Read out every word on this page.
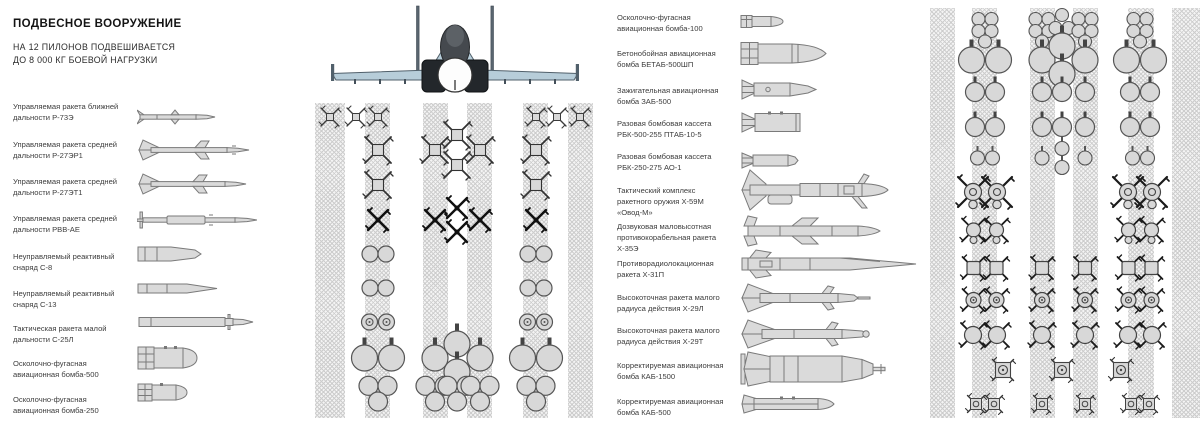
ПОДВЕСНОЕ ВООРУЖЕНИЕ
НА 12 ПИЛОНОВ ПОДВЕШИВАЕТСЯ
ДО 8 000 КГ БОЕВОЙ НАГРУЗКИ
Управляемая ракета ближней дальности Р-73Э
Управляемая ракета средней дальности Р-27ЭР1
Управляемая ракета средней дальности Р-27ЭТ1
Управляемая ракета средней дальности РВВ-АЕ
Неуправляемый реактивный снаряд С-8
Неуправляемый реактивный снаряд С-13
Тактическая ракета малой дальности С-25Л
Осколочно-фугасная авиационная бомба-500
Осколочно-фугасная авиационная бомба-250
Осколочно-фугасная авиационная бомба-100
Бетонобойная авиационная бомба БЕТАБ-500ШП
Зажигательная авиационная бомба ЗАБ-500
Разовая бомбовая кассета РБК-500-255 ПТАБ-10-5
Разовая бомбовая кассета РБК-250-275 АО-1
Тактический комплекс ракетного оружия Х-59М «Овод-М»
Дозвуковая маловысотная противокорабельная ракета Х-35Э
Противорадиолокационная ракета Х-31П
Высокоточная ракета малого радиуса действия Х-29Л
Высокоточная ракета малого радиуса действия Х-29Т
Корректируемая авиационная бомба КАБ-1500
Корректируемая авиационная бомба КАБ-500
